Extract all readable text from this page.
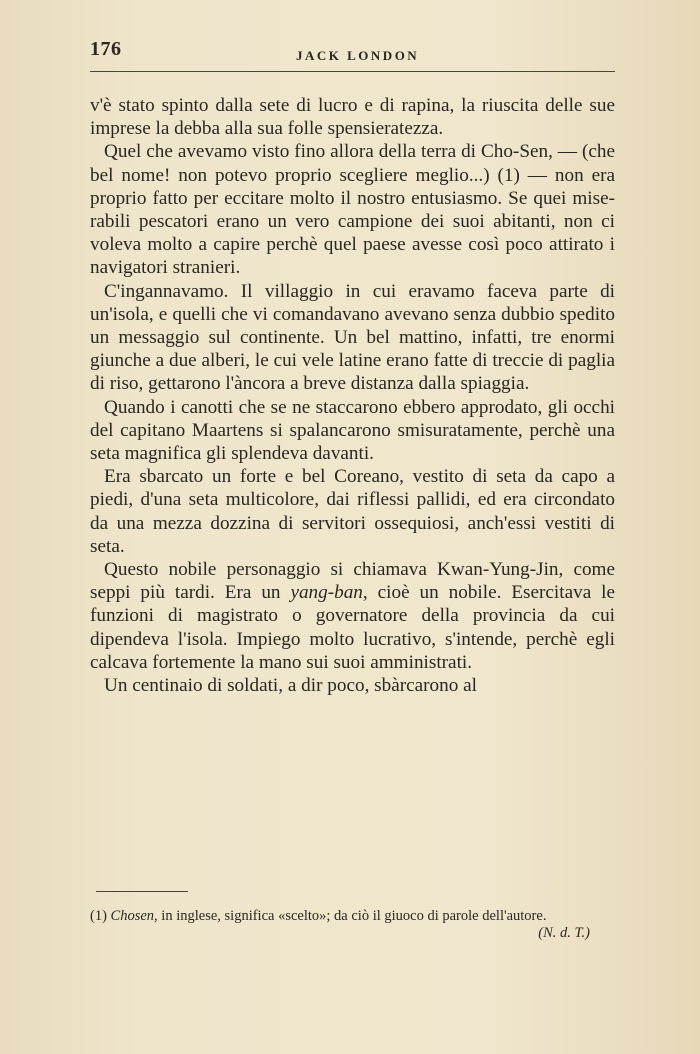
176	JACK LONDON

v'è stato spinto dalla sete di lucro e di rapina, la riuscita delle sue imprese la debba alla sua folle spensieratezza.

Quel che avevamo visto fino allora della terra di Cho-Sen, — (che bel nome! non potevo proprio scegliere meglio...) (1) — non era proprio fatto per eccitare molto il nostro entusiasmo. Se quei miserabili pescatori erano un vero campione dei suoi abitanti, non ci voleva molto a capire perchè quel paese avesse così poco attirato i navigatori stranieri.

C'ingannavamo. Il villaggio in cui eravamo faceva parte di un'isola, e quelli che vi comandavano avevano senza dubbio spedito un messaggio sul continente. Un bel mattino, infatti, tre enormi giunche a due alberi, le cui vele latine erano fatte di treccie di paglia di riso, gettarono l'àncora a breve distanza dalla spiaggia.

Quando i canotti che se ne staccarono ebbero approdato, gli occhi del capitano Maartens si spalancarono smisuratamente, perchè una seta magnifica gli splendeva davanti.

Era sbarcato un forte e bel Coreano, vestito di seta da capo a piedi, d'una seta multicolore, dai riflessi pallidi, ed era circondato da una mezza dozzina di servitori ossequiosi, anch'essi vestiti di seta.

Questo nobile personaggio si chiamava Kwan-Yung-Jin, come seppi più tardi. Era un yang-ban, cioè un nobile. Esercitava le funzioni di magistrato o governatore della provincia da cui dipendeva l'isola. Impiego molto lucrativo, s'intende, perchè egli calcava fortemente la mano sui suoi amministrati.

Un centinaio di soldati, a dir poco, sbàrcarono al

(1) Chosen, in inglese, significa «scelto»; da ciò il giuoco di parole dell'autore.
(N. d. T.)
